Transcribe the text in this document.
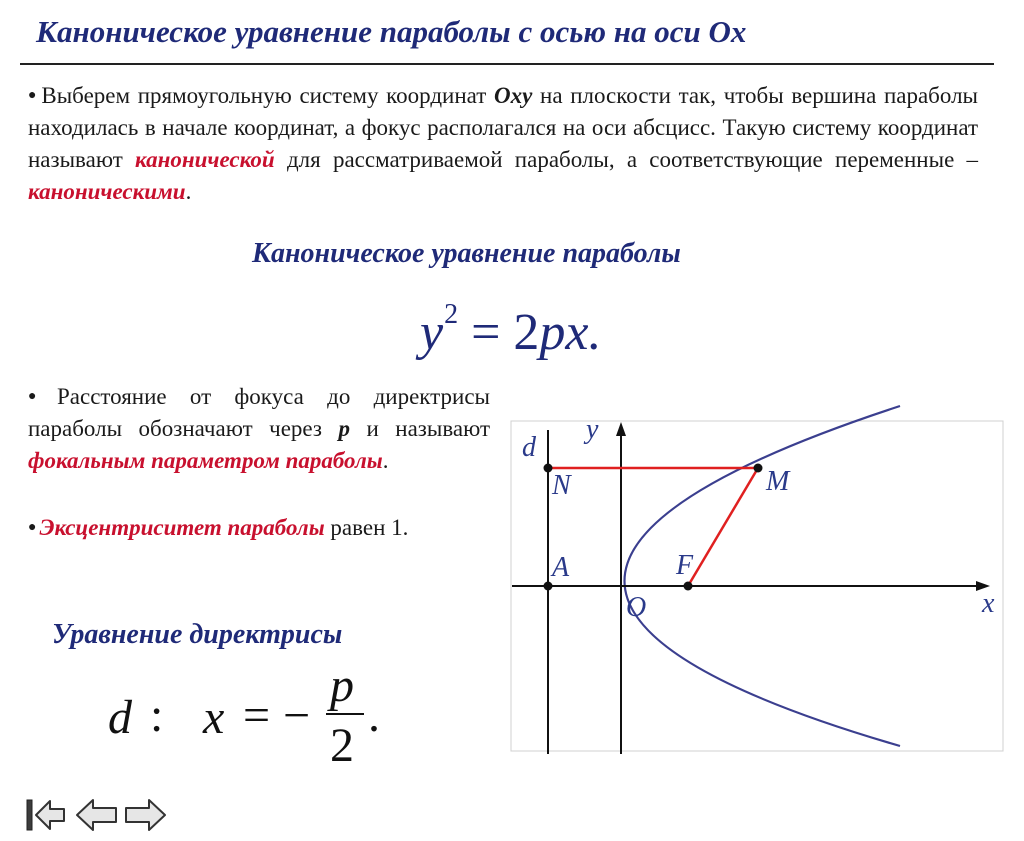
Каноническое уравнение параболы с осью на оси Ox
● Выберем прямоугольную систему координат Oxy на плоскости так, чтобы вершина параболы находилась в начале координат, а фокус располагался на оси абсцисс. Такую систему координат называют канонической для рассматриваемой параболы, а соответствующие переменные – каноническими.
Каноническое уравнение параболы
$y^2 = 2px$.
● Расстояние от фокуса до директрисы параболы обозначают через p и называют фокальным параметром параболы.
● Эксцентриситет параболы равен 1.
Уравнение директрисы
d : x = −
p
2
.
d
y
N	M
A	F
O	x
